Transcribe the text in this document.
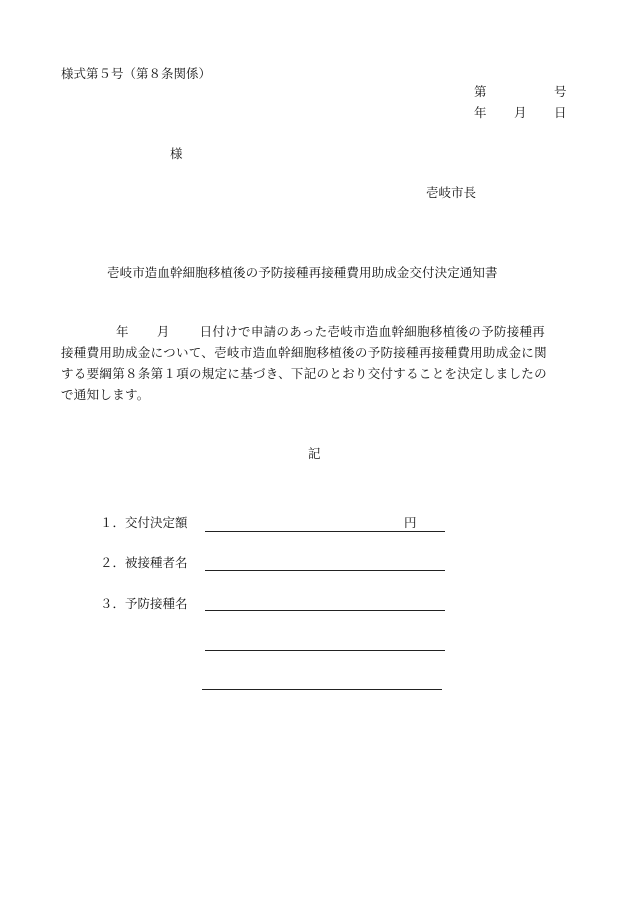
様式第５号（第８条関係）
第	号
年 月 日
様
壱岐市長
壱岐市造血幹細胞移植後の予防接種再接種費用助成金交付決定通知書
年 月 日付けで申請のあった壱岐市造血幹細胞移植後の予防接種再
接種費用助成金について、壱岐市造血幹細胞移植後の予防接種再接種費用助成金に関
する要綱第８条第１項の規定に基づき、下記のとおり交付することを決定しましたの
で通知します。
記
１．交付決定額	円
２．被接種者名
３．予防接種名
